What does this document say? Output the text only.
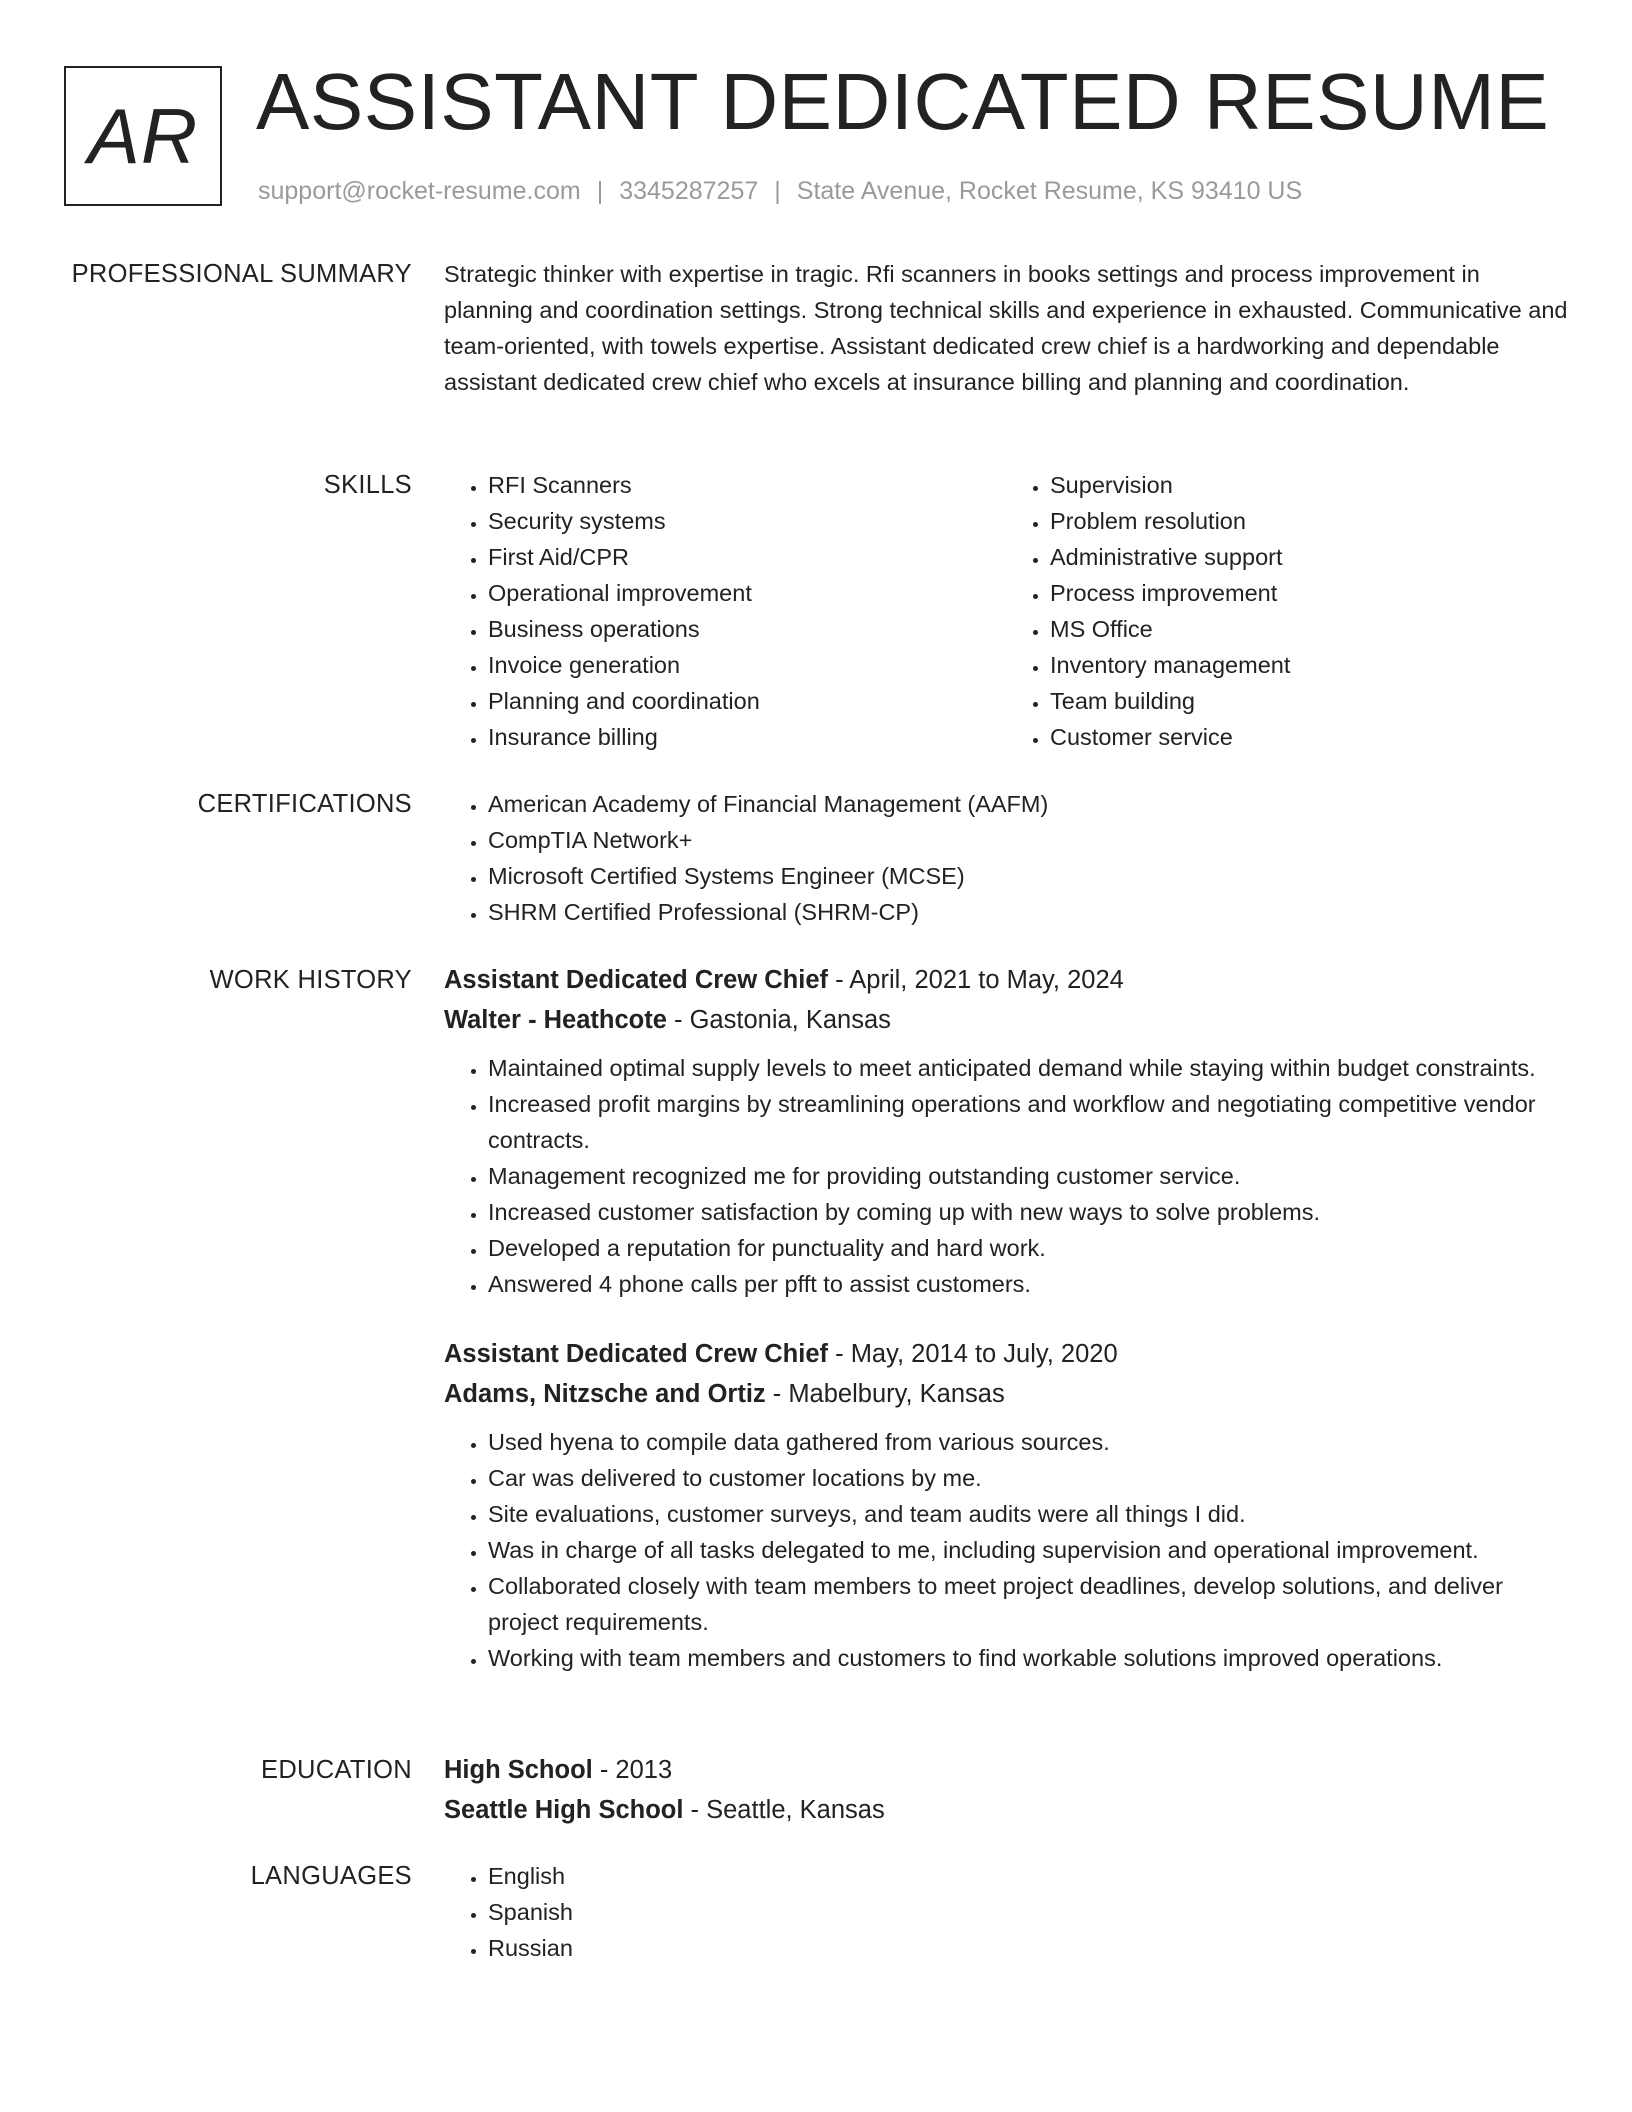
AR ASSISTANT DEDICATED RESUME
support@rocket-resume.com | 3345287257 | State Avenue, Rocket Resume, KS 93410 US
PROFESSIONAL SUMMARY Strategic thinker with expertise in tragic. Rfi scanners in books settings and process improvement in planning and coordination settings. Strong technical skills and experience in exhausted. Communicative and team-oriented, with towels expertise. Assistant dedicated crew chief is a hardworking and dependable assistant dedicated crew chief who excels at insurance billing and planning and coordination.

SKILLS	• RFI Scanners
• Security systems
• First Aid/CPR
• Operational improvement
• Business operations
• Invoice generation
• Planning and coordination
• Insurance billing
• Supervision
• Problem resolution
• Administrative support
• Process improvement
• MS Office
• Inventory management
• Team building
• Customer service
CERTIFICATIONS	• American Academy of Financial Management (AAFM)
• CompTIA Network+
• Microsoft Certified Systems Engineer (MCSE)
• SHRM Certified Professional (SHRM-CP)
WORK HISTORY Assistant Dedicated Crew Chief - April, 2021 to May, 2024
Walter - Heathcote - Gastonia, Kansas
• Maintained optimal supply levels to meet anticipated demand while staying within budget constraints.
• Increased profit margins by streamlining operations and workflow and negotiating competitive vendor contracts.
• Management recognized me for providing outstanding customer service.
• Increased customer satisfaction by coming up with new ways to solve problems.
• Developed a reputation for punctuality and hard work.
• Answered 4 phone calls per pfft to assist customers.
Assistant Dedicated Crew Chief - May, 2014 to July, 2020
Adams, Nitzsche and Ortiz - Mabelbury, Kansas
• Used hyena to compile data gathered from various sources.
• Car was delivered to customer locations by me.
• Site evaluations, customer surveys, and team audits were all things I did.
• Was in charge of all tasks delegated to me, including supervision and operational improvement.
• Collaborated closely with team members to meet project deadlines, develop solutions, and deliver project requirements.
• Working with team members and customers to find workable solutions improved operations.
EDUCATION High School - 2013
Seattle High School - Seattle, Kansas
LANGUAGES	• English
• Spanish
• Russian
